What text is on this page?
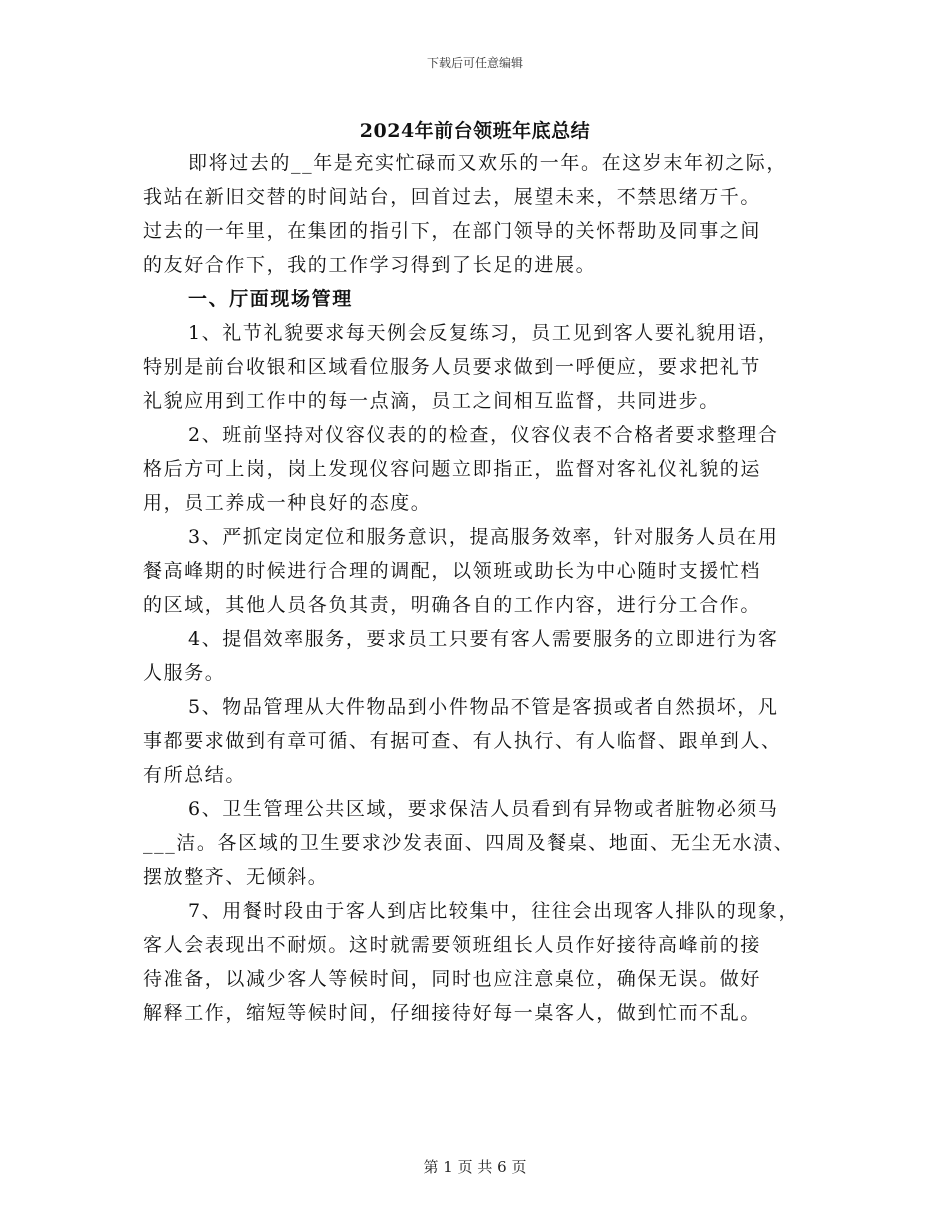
下载后可任意编辑
2024年前台领班年底总结
即将过去的__年是充实忙碌而又欢乐的一年。在这岁末年初之际，
我站在新旧交替的时间站台，回首过去，展望未来，不禁思绪万千。
过去的一年里，在集团的指引下，在部门领导的关怀帮助及同事之间
的友好合作下，我的工作学习得到了长足的进展。
一、厅面现场管理
1、礼节礼貌要求每天例会反复练习，员工见到客人要礼貌用语，
特别是前台收银和区域看位服务人员要求做到一呼便应，要求把礼节
礼貌应用到工作中的每一点滴，员工之间相互监督，共同进步。
2、班前坚持对仪容仪表的的检查，仪容仪表不合格者要求整理合
格后方可上岗，岗上发现仪容问题立即指正，监督对客礼仪礼貌的运
用，员工养成一种良好的态度。
3、严抓定岗定位和服务意识，提高服务效率，针对服务人员在用
餐高峰期的时候进行合理的调配，以领班或助长为中心随时支援忙档
的区域，其他人员各负其责，明确各自的工作内容，进行分工合作。
4、提倡效率服务，要求员工只要有客人需要服务的立即进行为客
人服务。
5、物品管理从大件物品到小件物品不管是客损或者自然损坏，凡
事都要求做到有章可循、有据可查、有人执行、有人临督、跟单到人、
有所总结。
6、卫生管理公共区域，要求保洁人员看到有异物或者脏物必须马
___洁。各区域的卫生要求沙发表面、四周及餐桌、地面、无尘无水渍、
摆放整齐、无倾斜。
7、用餐时段由于客人到店比较集中，往往会出现客人排队的现象，
客人会表现出不耐烦。这时就需要领班组长人员作好接待高峰前的接
待准备，以减少客人等候时间，同时也应注意桌位，确保无误。做好
解释工作，缩短等候时间，仔细接待好每一桌客人，做到忙而不乱。
第 1 页 共 6 页
